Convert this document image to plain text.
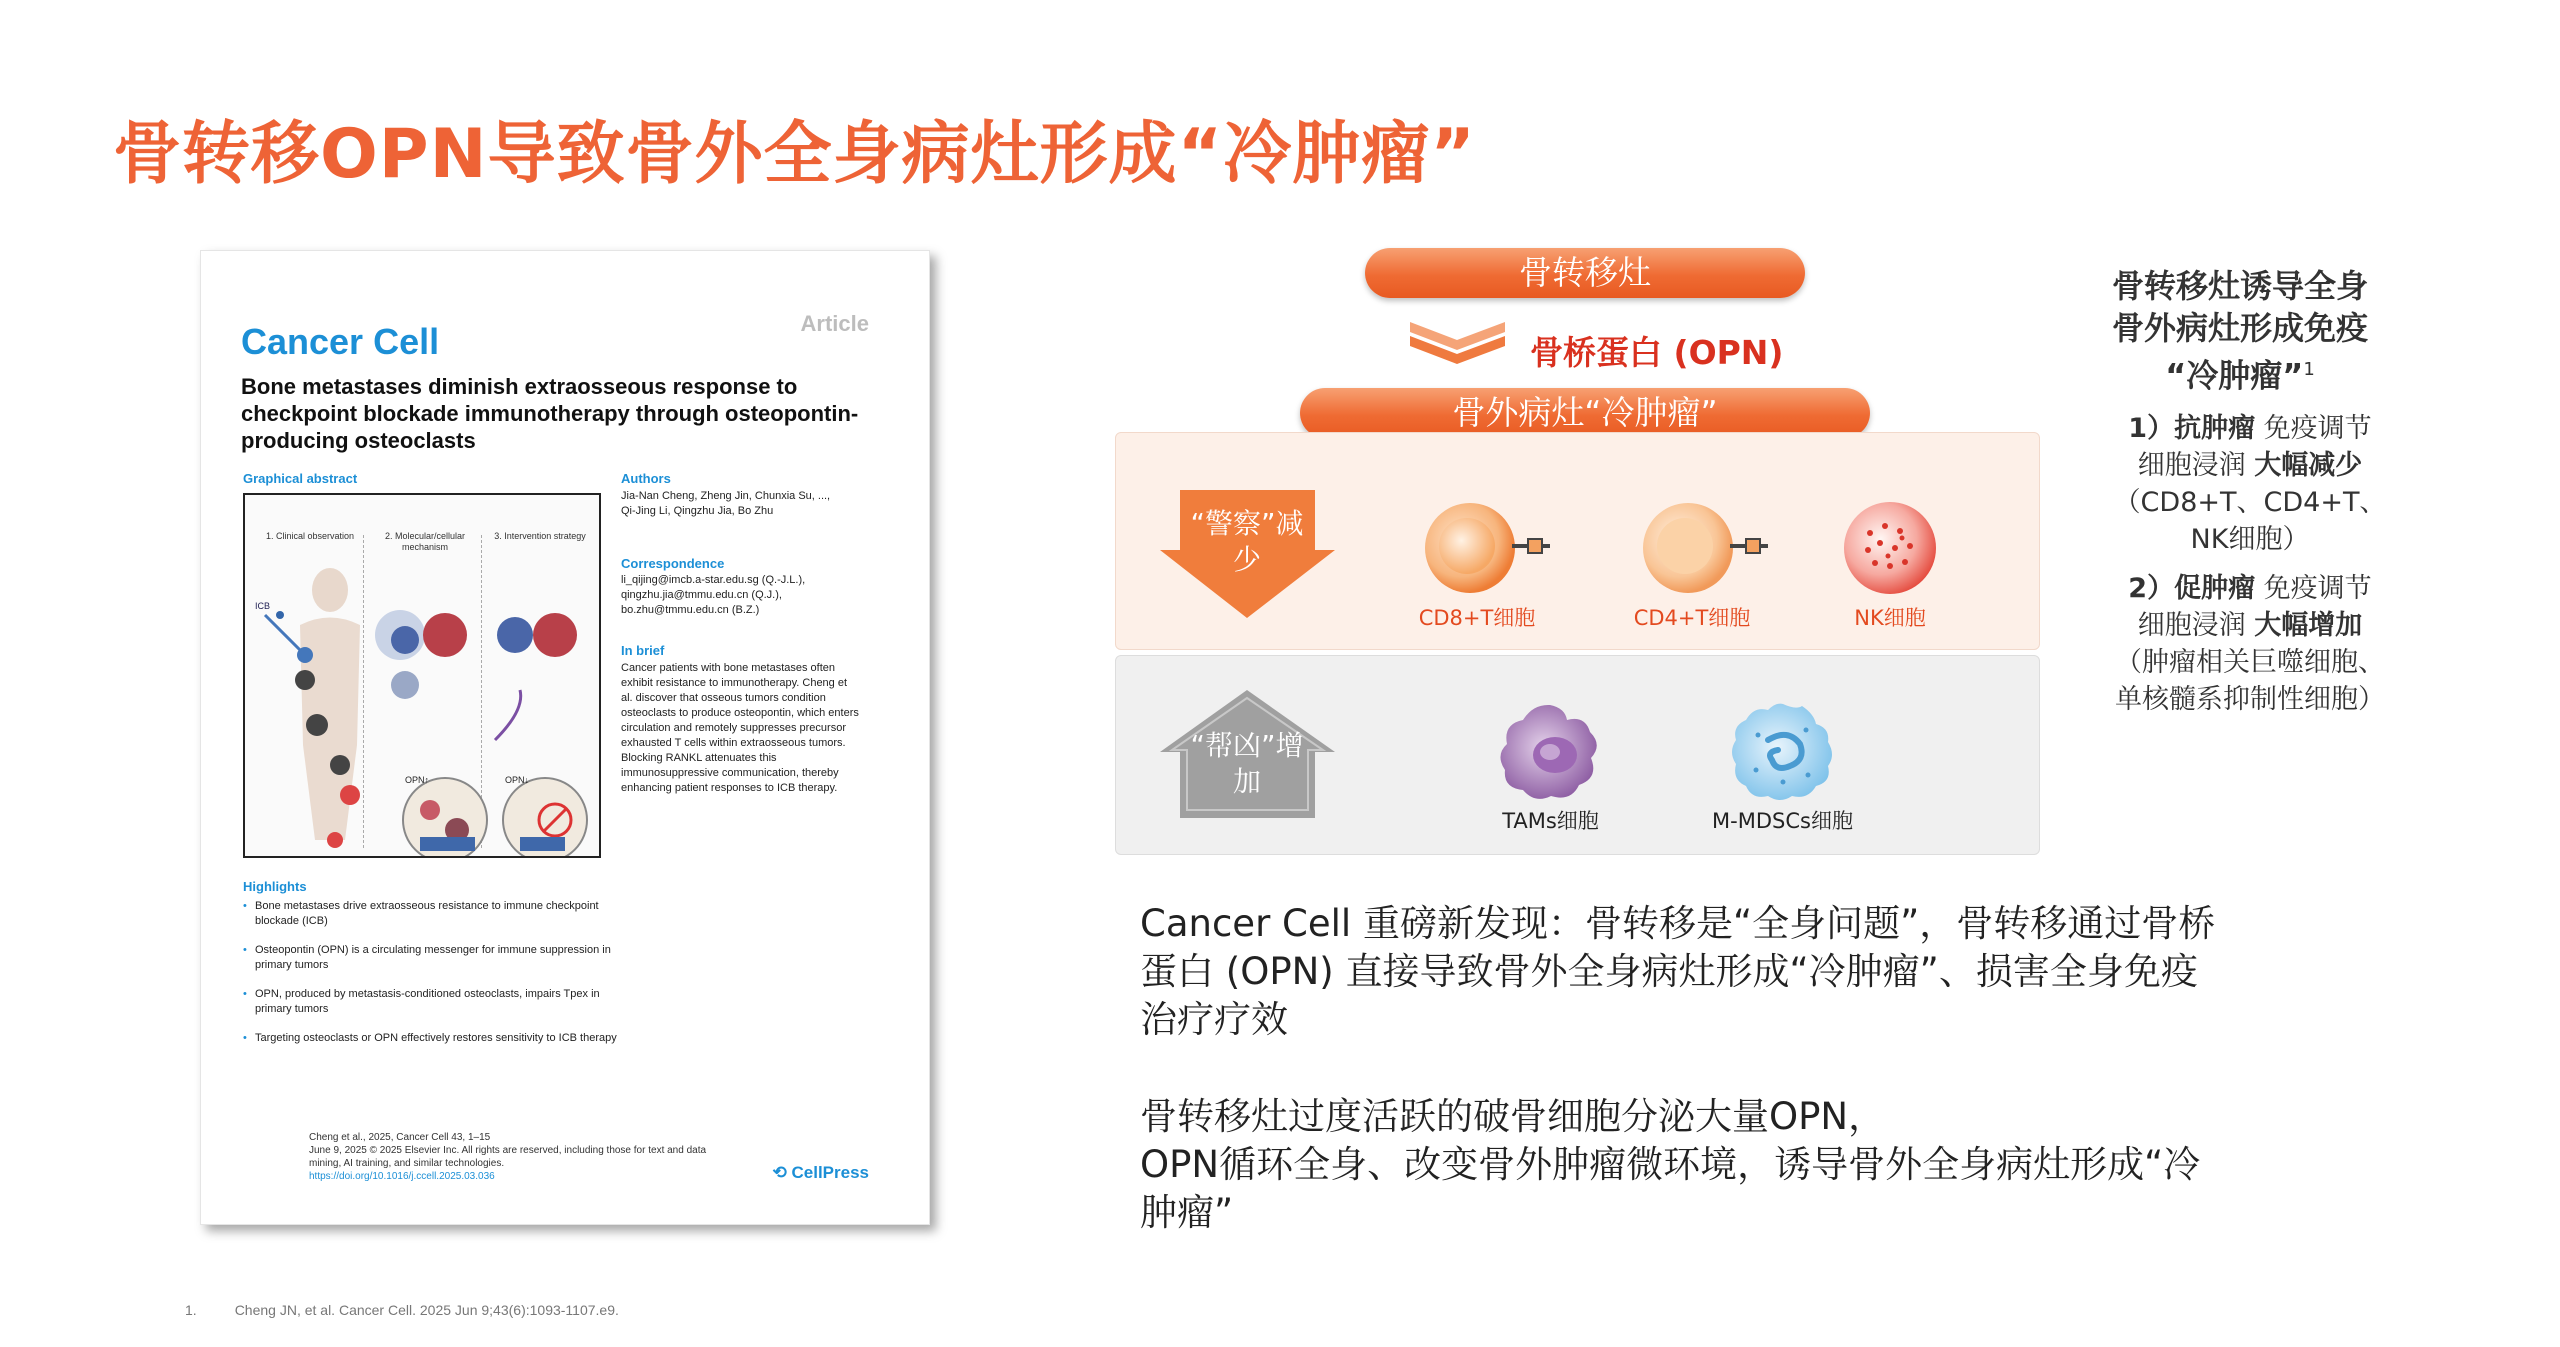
骨转移OPN导致骨外全身病灶形成“冷肿瘤”
Cancer Cell	Article
Bone metastases diminish extraosseous response to checkpoint blockade immunotherapy through osteopontin-producing osteoclasts
Graphical abstract
1. Clinical observation	2. Molecular/cellular mechanism
3. Intervention strategy
ICB
OPN↓
OPN↑
Authors
Jia-Nan Cheng, Zheng Jin, Chunxia Su, ..., Qi-Jing Li, Qingzhu Jia, Bo Zhu
Correspondence
li_qijing@imcb.a-star.edu.sg (Q.-J.L.), qingzhu.jia@tmmu.edu.cn (Q.J.), bo.zhu@tmmu.edu.cn (B.Z.)
In brief
Cancer patients with bone metastases often exhibit resistance to immunotherapy. Cheng et al. discover that osseous tumors condition osteoclasts to produce osteopontin, which enters circulation and remotely suppresses precursor exhausted T cells within extraosseous tumors. Blocking RANKL attenuates this immunosuppressive communication, thereby enhancing patient responses to ICB therapy.
Highlights
• Bone metastases drive extraosseous resistance to immune checkpoint blockade (ICB)
• Osteopontin (OPN) is a circulating messenger for immune suppression in primary tumors
• OPN, produced by metastasis-conditioned osteoclasts, impairs Tpex in primary tumors
• Targeting osteoclasts or OPN effectively restores sensitivity to ICB therapy
Cheng et al., 2025, Cancer Cell 43, 1–15
June 9, 2025 © 2025 Elsevier Inc. All rights are reserved, including those for text and data mining, AI training, and similar technologies.
https://doi.org/10.1016/j.ccell.2025.03.036	⟲ CellPress
骨转移灶
骨桥蛋白 (OPN)
骨外病灶“冷肿瘤”
“警察”减
少
“帮凶”增
加
CD8+T细胞	CD4+T细胞	NK细胞
TAMs细胞	M-MDSCs细胞
骨转移灶诱导全身
骨外病灶形成免疫
“冷肿瘤”$^1$
1）抗肿瘤 免疫调节
细胞浸润 大幅减少
（CD8+T、CD4+T、
NK细胞）
2）促肿瘤 免疫调节
细胞浸润 大幅增加
（肿瘤相关巨噬细胞、
单核髓系抑制性细胞）
Cancer Cell 重磅新发现：骨转移是“全身问题”，骨转移通过骨桥
蛋白 (OPN) 直接导致骨外全身病灶形成“冷肿瘤”、损害全身免疫
治疗疗效
骨转移灶过度活跃的破骨细胞分泌大量OPN，
OPN循环全身、改变骨外肿瘤微环境，诱导骨外全身病灶形成“冷
肿瘤”
1.	Cheng JN, et al. Cancer Cell. 2025 Jun 9;43(6):1093-1107.e9.
